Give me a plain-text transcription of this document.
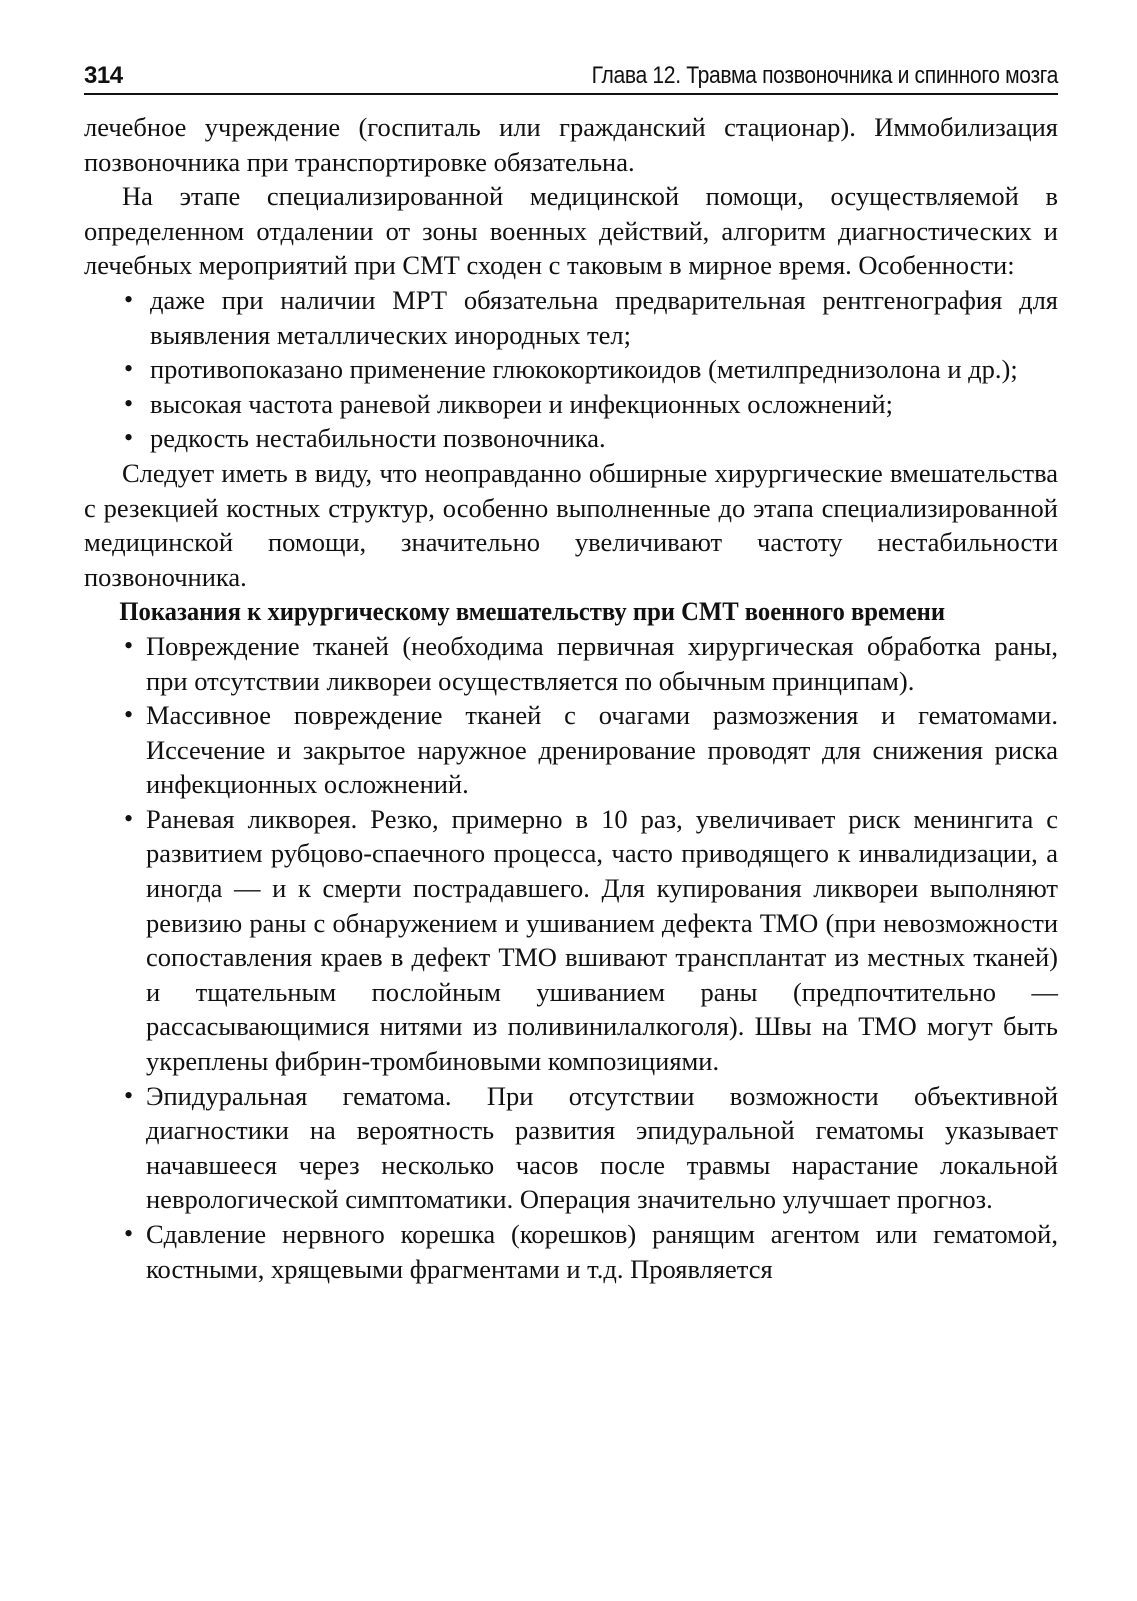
314	Глава 12. Травма позвоночника и спинного мозга

лечебное учреждение (госпиталь или гражданский стационар). Иммобилизация позвоночника при транспортировке обязательна.

На этапе специализированной медицинской помощи, осуществляемой в определенном отдалении от зоны военных действий, алгоритм диагностических и лечебных мероприятий при СМТ сходен с таковым в мирное время. Особенности:

• даже при наличии МРТ обязательна предварительная рентгенография для выявления металлических инородных тел;
• противопоказано применение глюкокортикоидов (метилпреднизолона и др.);
• высокая частота раневой ликвореи и инфекционных осложнений;
• редкость нестабильности позвоночника.

Следует иметь в виду, что неоправданно обширные хирургические вмешательства с резекцией костных структур, особенно выполненные до этапа специализированной медицинской помощи, значительно увеличивают частоту нестабильности позвоночника.

Показания к хирургическому вмешательству при СМТ военного времени

• Повреждение тканей (необходима первичная хирургическая обработка раны, при отсутствии ликвореи осуществляется по обычным принципам).
• Массивное повреждение тканей с очагами размозжения и гематомами. Иссечение и закрытое наружное дренирование проводят для снижения риска инфекционных осложнений.
• Раневая ликворея. Резко, примерно в 10 раз, увеличивает риск менингита с развитием рубцово-спаечного процесса, часто приводящего к инвалидизации, а иногда — и к смерти пострадавшего. Для купирования ликвореи выполняют ревизию раны с обнаружением и ушиванием дефекта ТМО (при невозможности сопоставления краев в дефект ТМО вшивают трансплантат из местных тканей) и тщательным послойным ушиванием раны (предпочтительно — рассасывающимися нитями из поливинилалкоголя). Швы на ТМО могут быть укреплены фибрин-тромбиновыми композициями.
• Эпидуральная гематома. При отсутствии возможности объективной диагностики на вероятность развития эпидуральной гематомы указывает начавшееся через несколько часов после травмы нарастание локальной неврологической симптоматики. Операция значительно улучшает прогноз.
• Сдавление нервного корешка (корешков) ранящим агентом или гематомой, костными, хрящевыми фрагментами и т.д. Проявляется
